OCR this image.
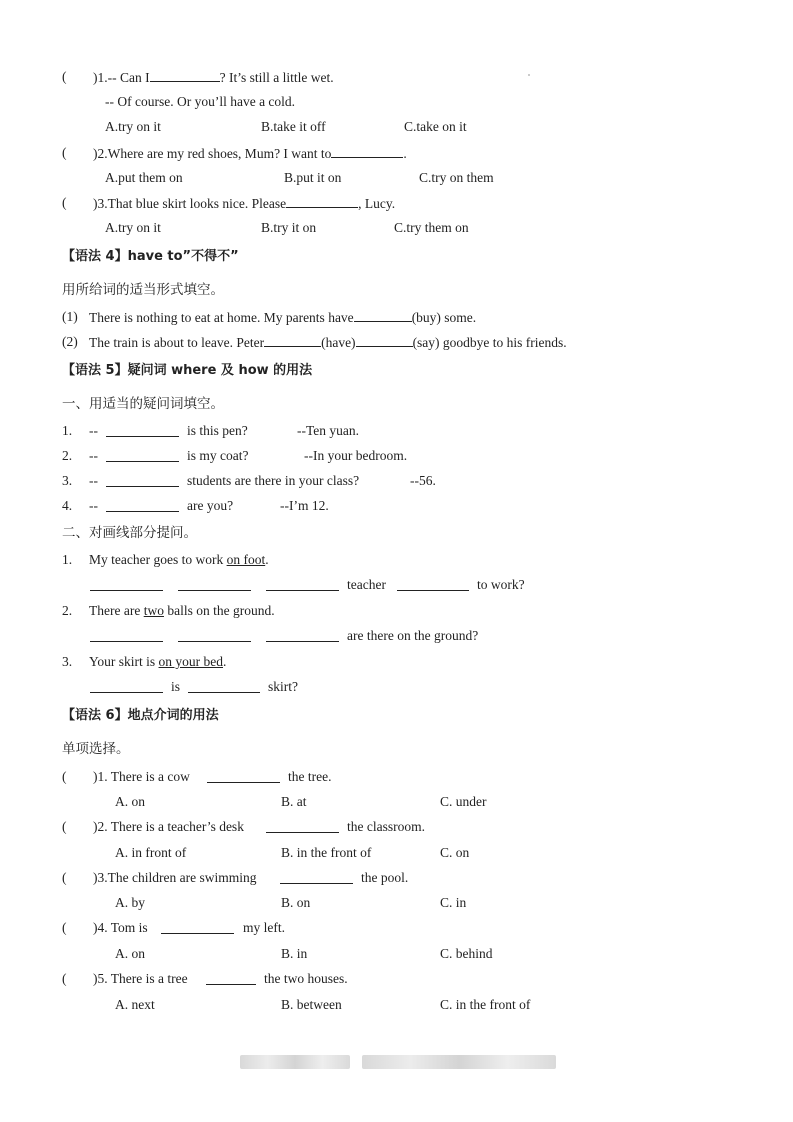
( )1.-- Can I	? It’s still a little wet.
-- Of course. Or you’ll have a cold.
A.try on it	B.take it off	C.take on it
( )2.Where are my red shoes, Mum? I want to	.
A.put them on	B.put it on	C.try on them
( )3.That blue skirt looks nice. Please	, Lucy.
A.try on it	B.try it on	C.try them on
【语法 4】have to”不得不”
用所给词的适当形式填空。
(1) There is nothing to eat at home. My parents have	(buy) some.
(2) The train is about to leave. Peter	(have)	(say) goodbye to his friends.
【语法 5】疑问词 where 及 how 的用法
一、用适当的疑问词填空。
1. --	is this pen?	--Ten yuan.
2. --	is my coat?	--In your bedroom.
3. --	students are there in your class?	--56.
4. --	are you?	--I’m 12.
二、对画线部分提问。
1. My teacher goes to work on foot.
teacher	to work?
2. There are two balls on the ground.
are there on the ground?
3. Your skirt is on your bed.
is	skirt?
【语法 6】地点介词的用法
单项选择。
( )1. There is a cow	the tree.
A. on	B. at	C. under
( )2. There is a teacher’s desk	the classroom.
A. in front of	B. in the front of	C. on
( )3.The children are swimming	the pool.
A. by	B. on	C. in
( )4. Tom is	my left.
A. on	B. in	C. behind
( )5. There is a tree	the two houses.
A. next	B. between	C. in the front of
